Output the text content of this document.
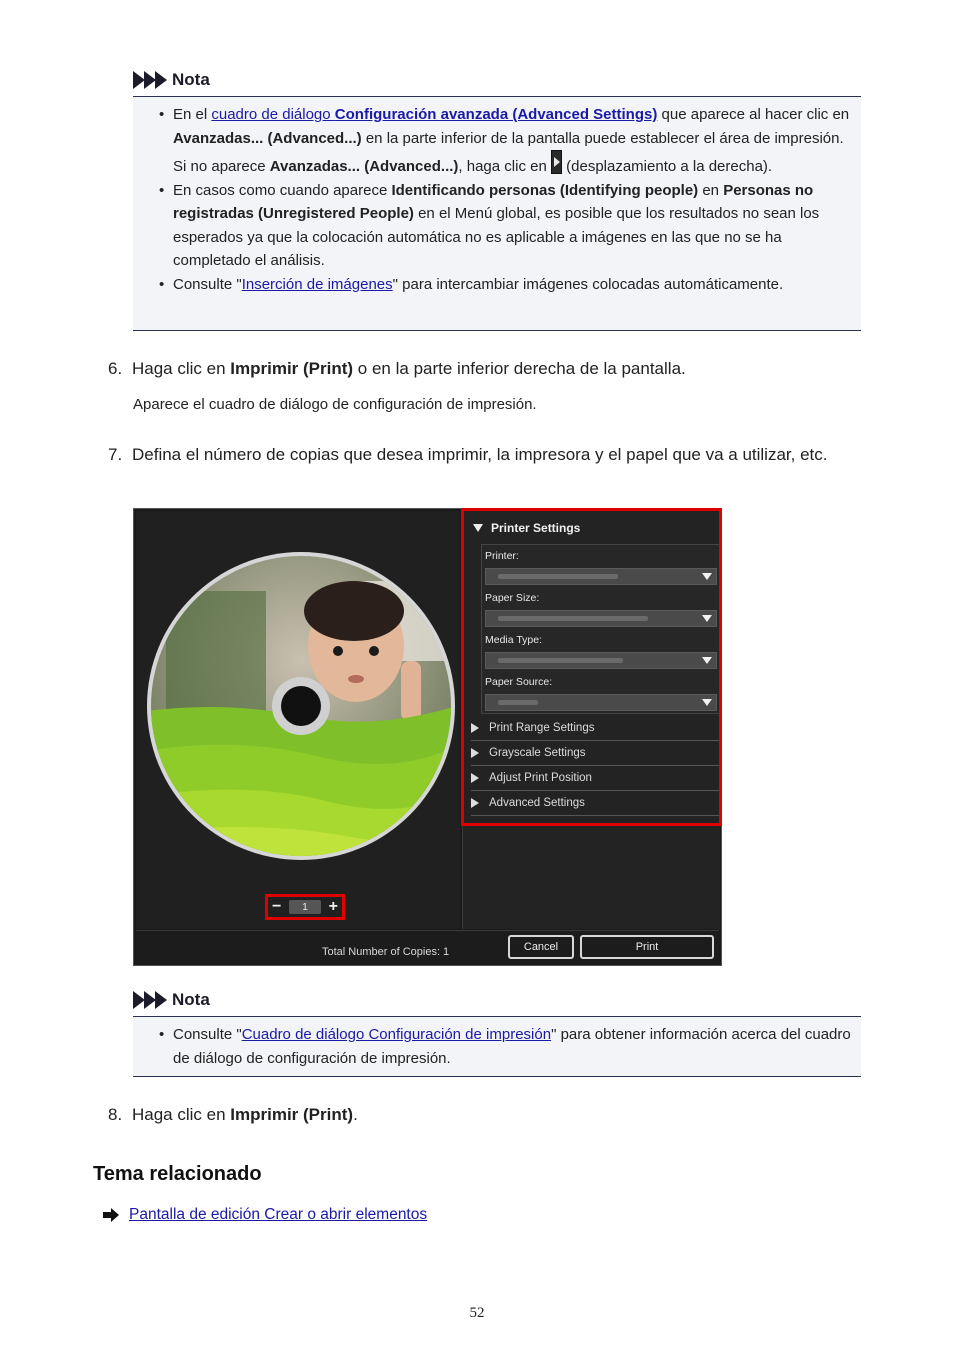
Nota
• En el cuadro de diálogo Configuración avanzada (Advanced Settings) que aparece al hacer clic en Avanzadas... (Advanced...) en la parte inferior de la pantalla puede establecer el área de impresión. Si no aparece Avanzadas... (Advanced...), haga clic en  (desplazamiento a la derecha).
• En casos como cuando aparece Identificando personas (Identifying people) en Personas no registradas (Unregistered People) en el Menú global, es posible que los resultados no sean los esperados ya que la colocación automática no es aplicable a imágenes en las que no se ha completado el análisis.
• Consulte "Inserción de imágenes" para intercambiar imágenes colocadas automáticamente.
6. Haga clic en Imprimir (Print) o en la parte inferior derecha de la pantalla.
Aparece el cuadro de diálogo de configuración de impresión.
7. Defina el número de copias que desea imprimir, la impresora y el papel que va a utilizar, etc.
−	1	+
Printer Settings
Printer:
Paper Size:
Media Type:
Paper Source:
Print Range Settings
Grayscale Settings
Adjust Print Position
Advanced Settings
Total Number of Copies: 1	Cancel	Print
Nota
• Consulte "Cuadro de diálogo Configuración de impresión" para obtener información acerca del cuadro de diálogo de configuración de impresión.
8. Haga clic en Imprimir (Print).
Tema relacionado
Pantalla de edición Crear o abrir elementos
52
